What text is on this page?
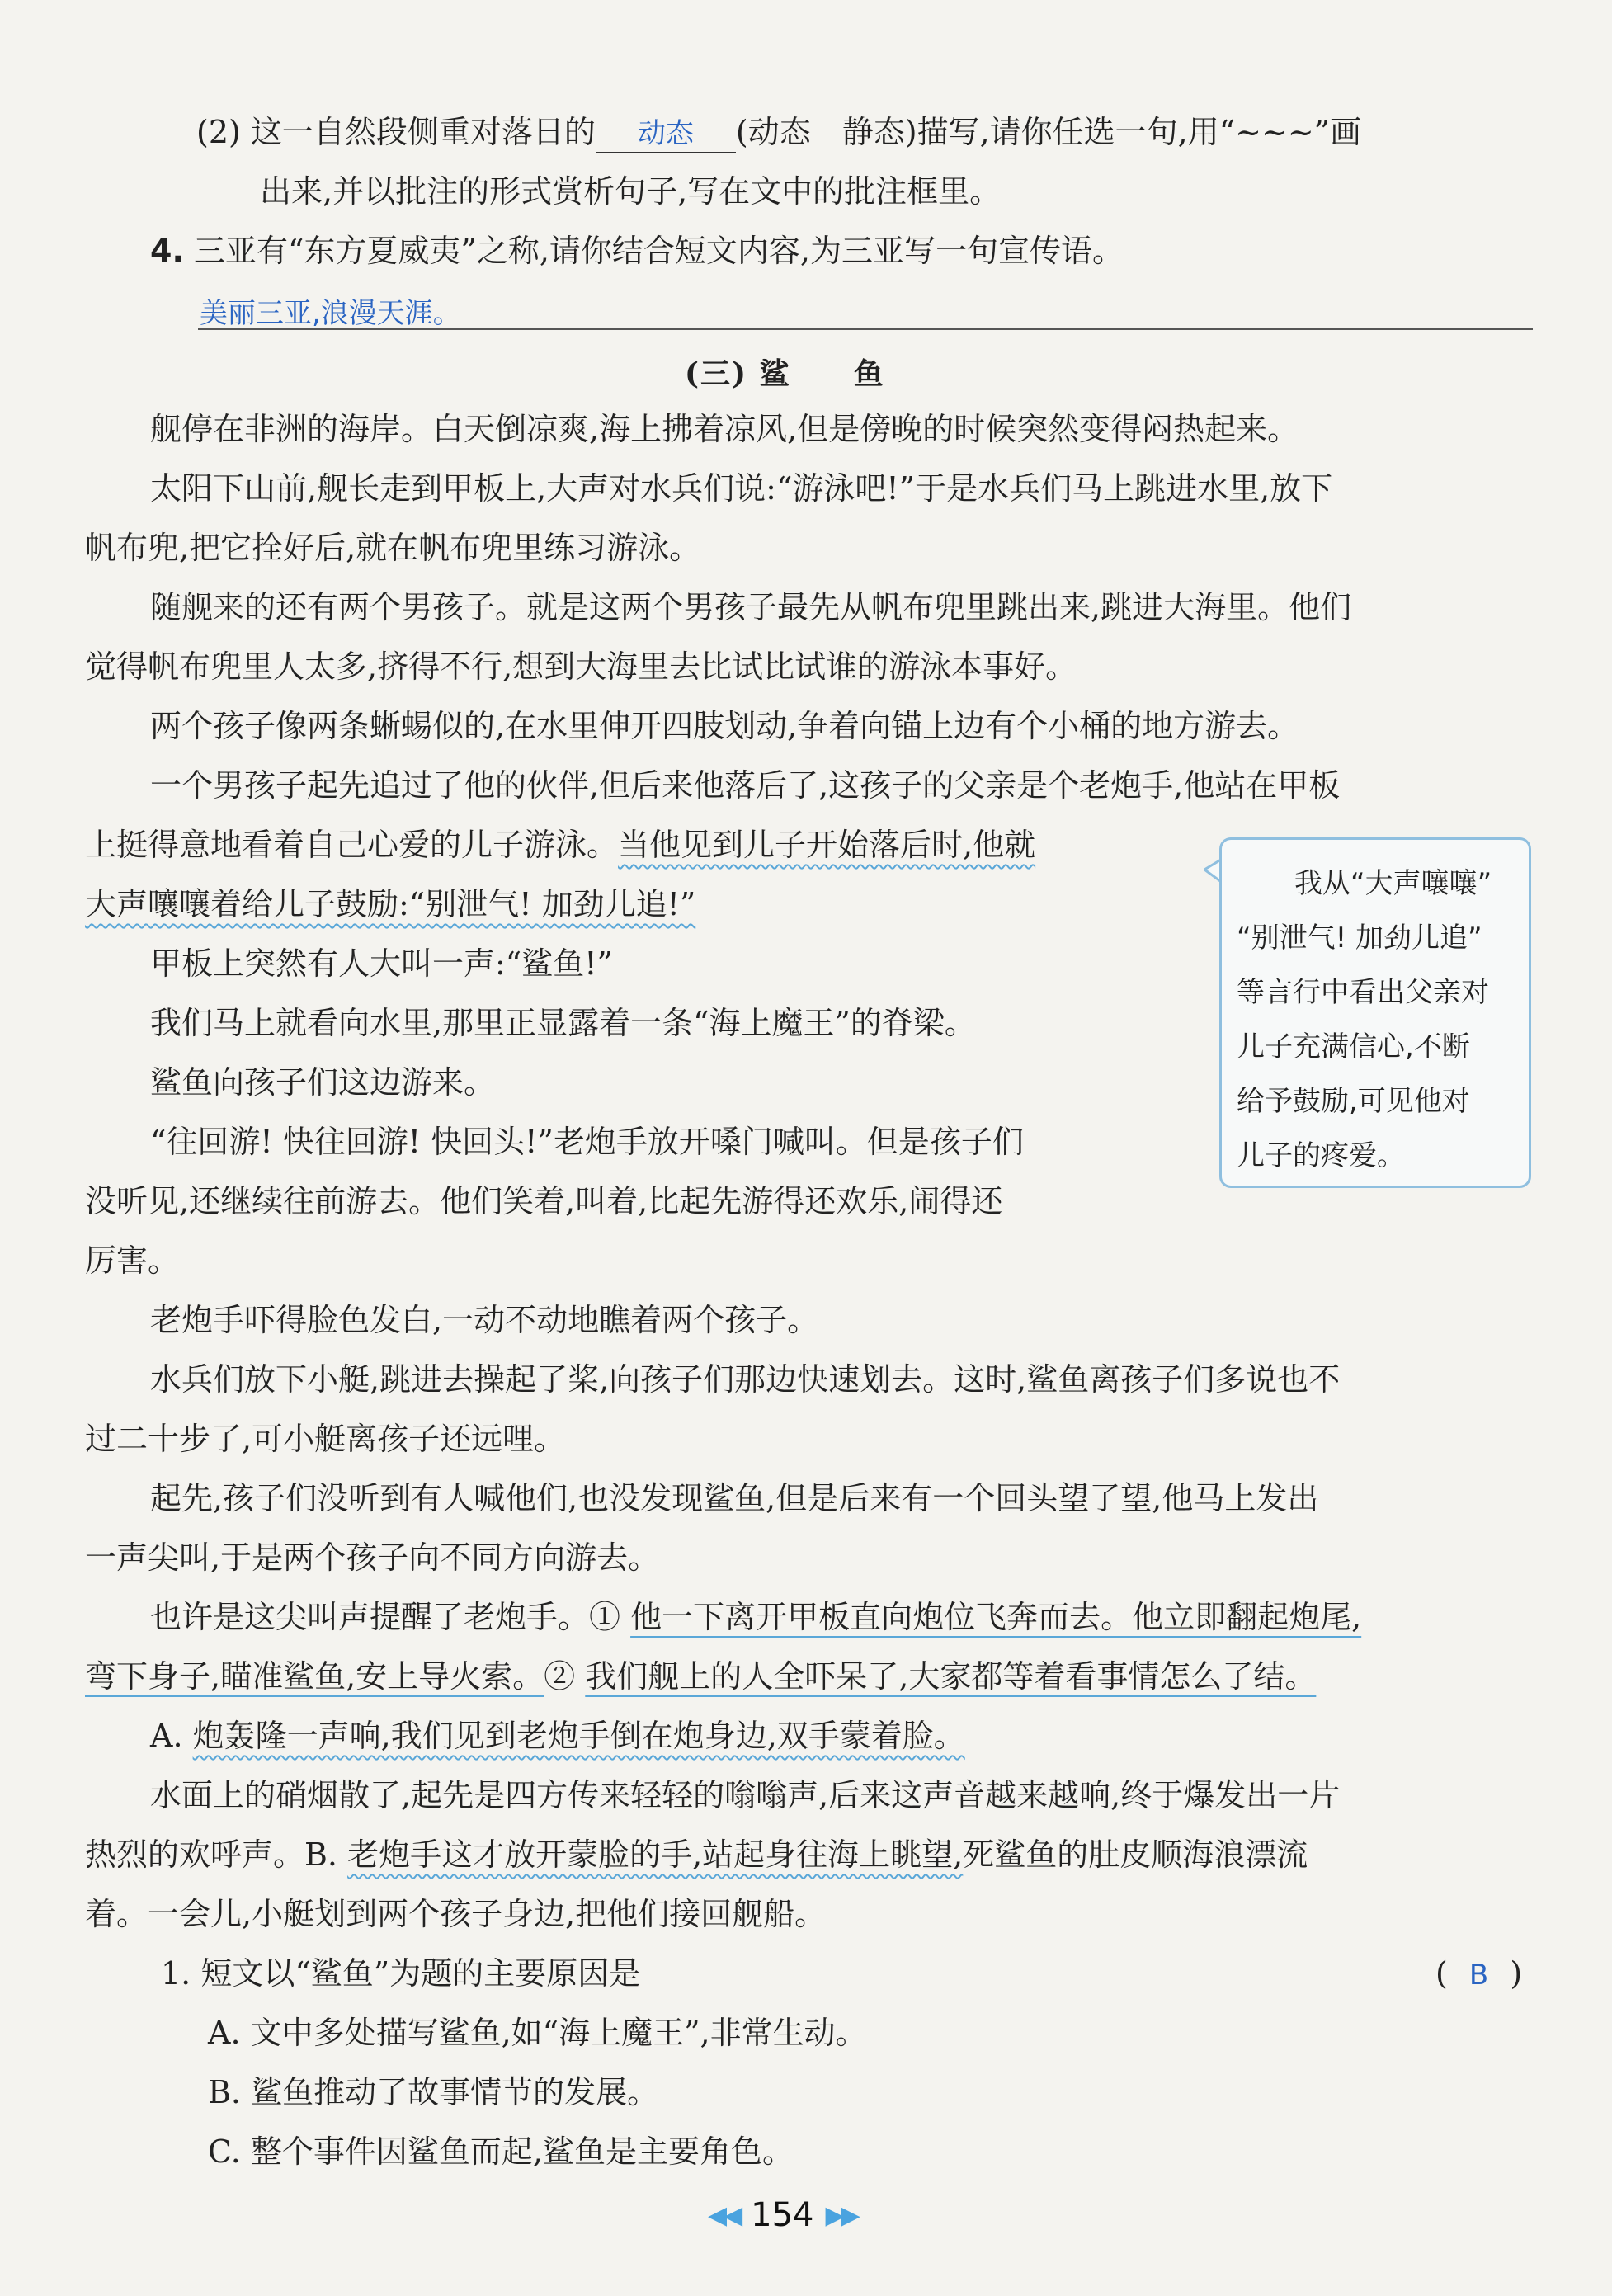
(2) 这一自然段侧重对落日的 动态 (动态　静态)描写,请你任选一句,用“~~~”画
出来,并以批注的形式赏析句子,写在文中的批注框里。
4. 三亚有“东方夏威夷”之称,请你结合短文内容,为三亚写一句宣传语。
美丽三亚,浪漫天涯。
(三) 鲨　　鱼
舰停在非洲的海岸。白天倒凉爽,海上拂着凉风,但是傍晚的时候突然变得闷热起来。
太阳下山前,舰长走到甲板上,大声对水兵们说:“游泳吧!”于是水兵们马上跳进水里,放下
帆布兜,把它拴好后,就在帆布兜里练习游泳。
随舰来的还有两个男孩子。就是这两个男孩子最先从帆布兜里跳出来,跳进大海里。他们
觉得帆布兜里人太多,挤得不行,想到大海里去比试比试谁的游泳本事好。
两个孩子像两条蜥蜴似的,在水里伸开四肢划动,争着向锚上边有个小桶的地方游去。
一个男孩子起先追过了他的伙伴,但后来他落后了,这孩子的父亲是个老炮手,他站在甲板
上挺得意地看着自己心爱的儿子游泳。当他见到儿子开始落后时,他就
大声嚷嚷着给儿子鼓励:“别泄气! 加劲儿追!”

我从“大声嚷嚷”

“别泄气! 加劲儿追”

等言行中看出父亲对

儿子充满信心,不断

给予鼓励,可见他对

儿子的疼爱。

甲板上突然有人大叫一声:“鲨鱼!”
我们马上就看向水里,那里正显露着一条“海上魔王”的脊梁。
鲨鱼向孩子们这边游来。
“往回游! 快往回游! 快回头!”老炮手放开嗓门喊叫。但是孩子们
没听见,还继续往前游去。他们笑着,叫着,比起先游得还欢乐,闹得还
厉害。
老炮手吓得脸色发白,一动不动地瞧着两个孩子。
水兵们放下小艇,跳进去操起了桨,向孩子们那边快速划去。这时,鲨鱼离孩子们多说也不
过二十步了,可小艇离孩子还远哩。
起先,孩子们没听到有人喊他们,也没发现鲨鱼,但是后来有一个回头望了望,他马上发出
一声尖叫,于是两个孩子向不同方向游去。
也许是这尖叫声提醒了老炮手。① 他一下离开甲板直向炮位飞奔而去。他立即翻起炮尾,
弯下身子,瞄准鲨鱼,安上导火索。② 我们舰上的人全吓呆了,大家都等着看事情怎么了结。
A. 炮轰隆一声响,我们见到老炮手倒在炮身边,双手蒙着脸。
水面上的硝烟散了,起先是四方传来轻轻的嗡嗡声,后来这声音越来越响,终于爆发出一片
热烈的欢呼声。B. 老炮手这才放开蒙脸的手,站起身往海上眺望,死鲨鱼的肚皮顺海浪漂流
着。一会儿,小艇划到两个孩子身边,把他们接回舰船。
1. 短文以“鲨鱼”为题的主要原因是	( B )
A. 文中多处描写鲨鱼,如“海上魔王”,非常生动。
B. 鲨鱼推动了故事情节的发展。
C. 整个事件因鲨鱼而起,鲨鱼是主要角色。
◀◀ 154 ▶▶
